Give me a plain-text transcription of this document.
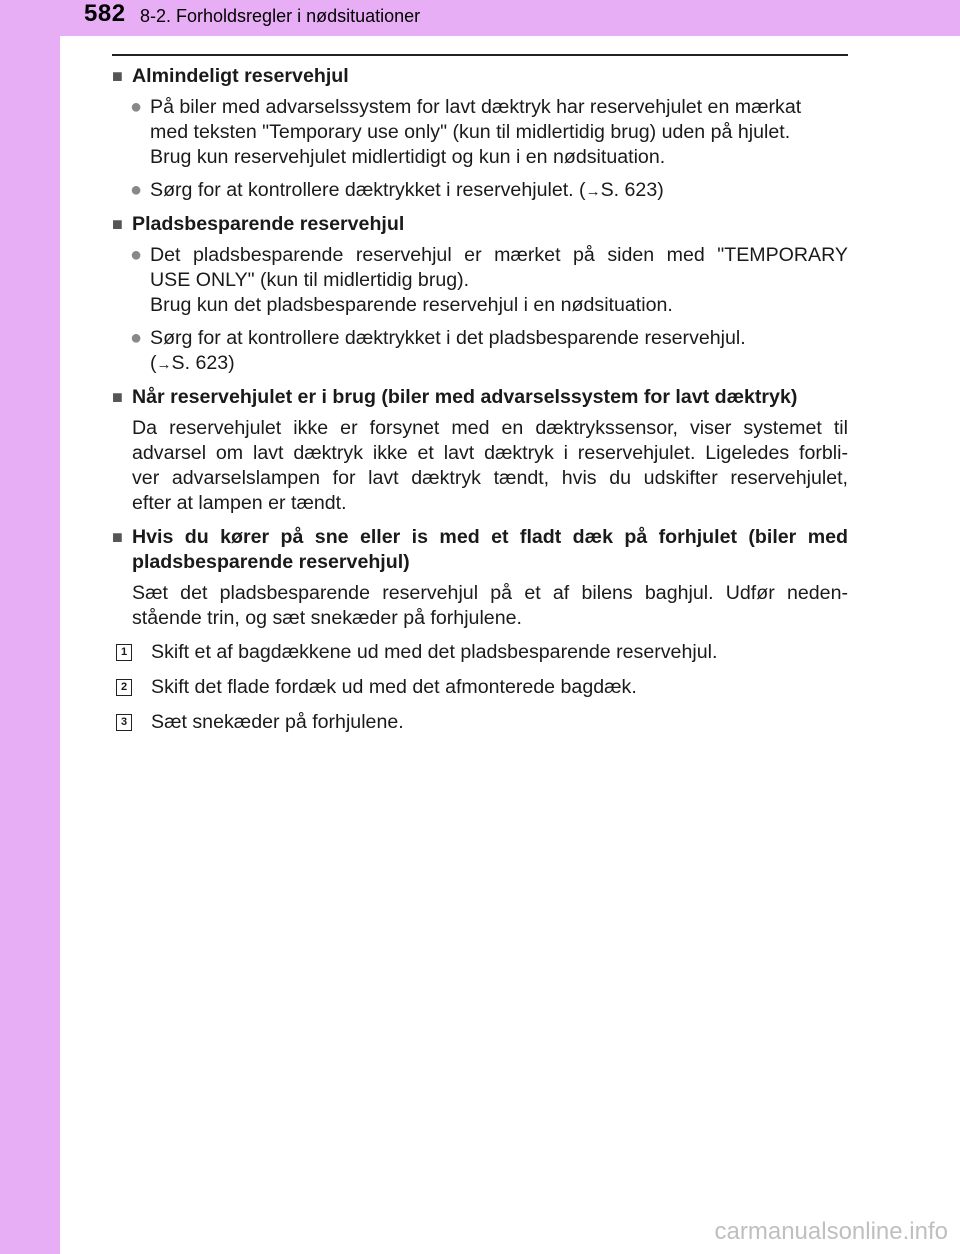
582 8-2. Forholdsregler i nødsituationer
■ Almindeligt reservehjul
● På biler med advarselssystem for lavt dæktryk har reservehjulet en mærkat
med teksten "Temporary use only" (kun til midlertidig brug) uden på hjulet.
Brug kun reservehjulet midlertidigt og kun i en nødsituation.
● Sørg for at kontrollere dæktrykket i reservehjulet. (→S. 623)
■ Pladsbesparende reservehjul
● Det pladsbesparende reservehjul er mærket på siden med "TEMPORARY
USE ONLY" (kun til midlertidig brug).
Brug kun det pladsbesparende reservehjul i en nødsituation.
● Sørg for at kontrollere dæktrykket i det pladsbesparende reservehjul.
(→S. 623)
■ Når reservehjulet er i brug (biler med advarselssystem for lavt dæktryk)
Da reservehjulet ikke er forsynet med en dæktrykssensor, viser systemet til
advarsel om lavt dæktryk ikke et lavt dæktryk i reservehjulet. Ligeledes forbli-
ver advarselslampen for lavt dæktryk tændt, hvis du udskifter reservehjulet,
efter at lampen er tændt.
■ Hvis du kører på sne eller is med et fladt dæk på forhjulet (biler med
pladsbesparende reservehjul)
Sæt det pladsbesparende reservehjul på et af bilens baghjul. Udfør neden-
stående trin, og sæt snekæder på forhjulene.
1 Skift et af bagdækkene ud med det pladsbesparende reservehjul.
2 Skift det flade fordæk ud med det afmonterede bagdæk.
3 Sæt snekæder på forhjulene.
carmanualsonline.info
